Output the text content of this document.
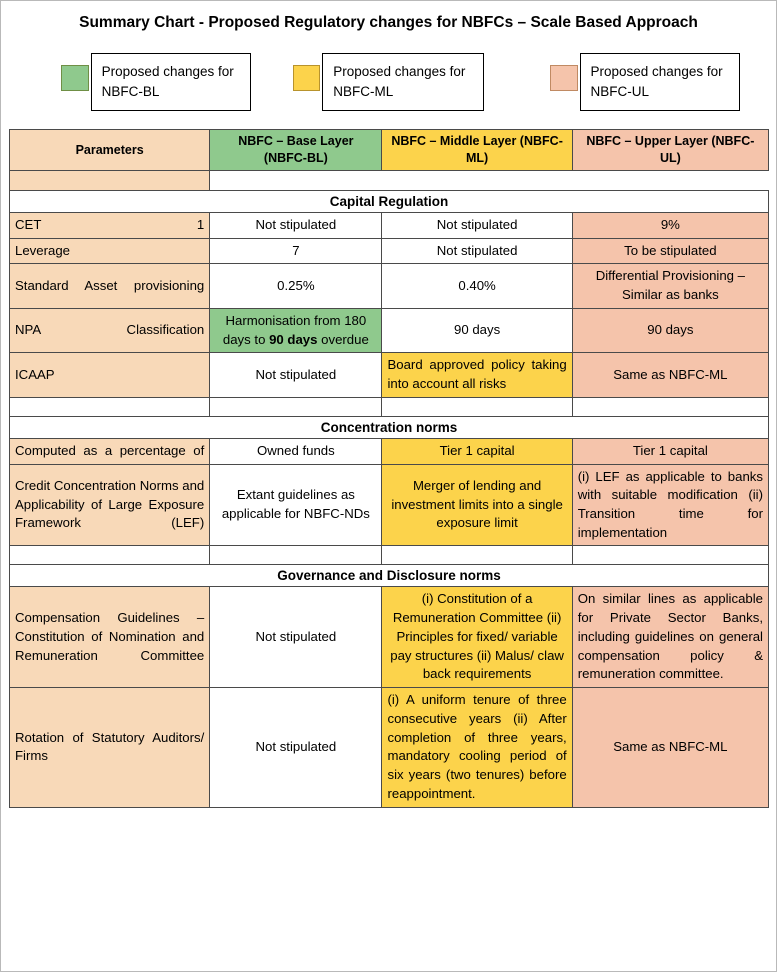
Summary Chart - Proposed Regulatory changes for NBFCs – Scale Based Approach
Proposed changes for NBFC-BL
Proposed changes for NBFC-ML
Proposed changes for NBFC-UL
Parameters	NBFC – Base Layer (NBFC-BL)	NBFC – Middle Layer (NBFC-ML)	NBFC – Upper Layer (NBFC-UL)

Capital Regulation			
CET 1	Not stipulated	Not stipulated	9%
Leverage	7	Not stipulated	To be stipulated
Standard Asset provisioning	0.25%	0.40%	Differential Provisioning – Similar as banks
NPA Classification	Harmonisation from 180 days to 90 days overdue	90 days	90 days
ICAAP	Not stipulated	Board approved policy taking into account all risks	Same as NBFC-ML

Concentration norms			
Computed as a percentage of	Owned funds	Tier 1 capital	Tier 1 capital
Credit Concentration Norms and Applicability of Large Exposure Framework (LEF)	Extant guidelines as applicable for NBFC-NDs	Merger of lending and investment limits into a single exposure limit	(i) LEF as applicable to banks with suitable modification (ii) Transition time for implementation

Governance and Disclosure norms			
Compensation Guidelines – Constitution of Nomination and Remuneration Committee	Not stipulated	(i) Constitution of a Remuneration Committee (ii) Principles for fixed/ variable pay structures (ii) Malus/ claw back requirements	On similar lines as applicable for Private Sector Banks, including guidelines on general compensation policy & remuneration committee.
Rotation of Statutory Auditors/ Firms	Not stipulated	(i) A uniform tenure of three consecutive years (ii) After completion of three years, mandatory cooling period of six years (two tenures) before reappointment.	Same as NBFC-ML
